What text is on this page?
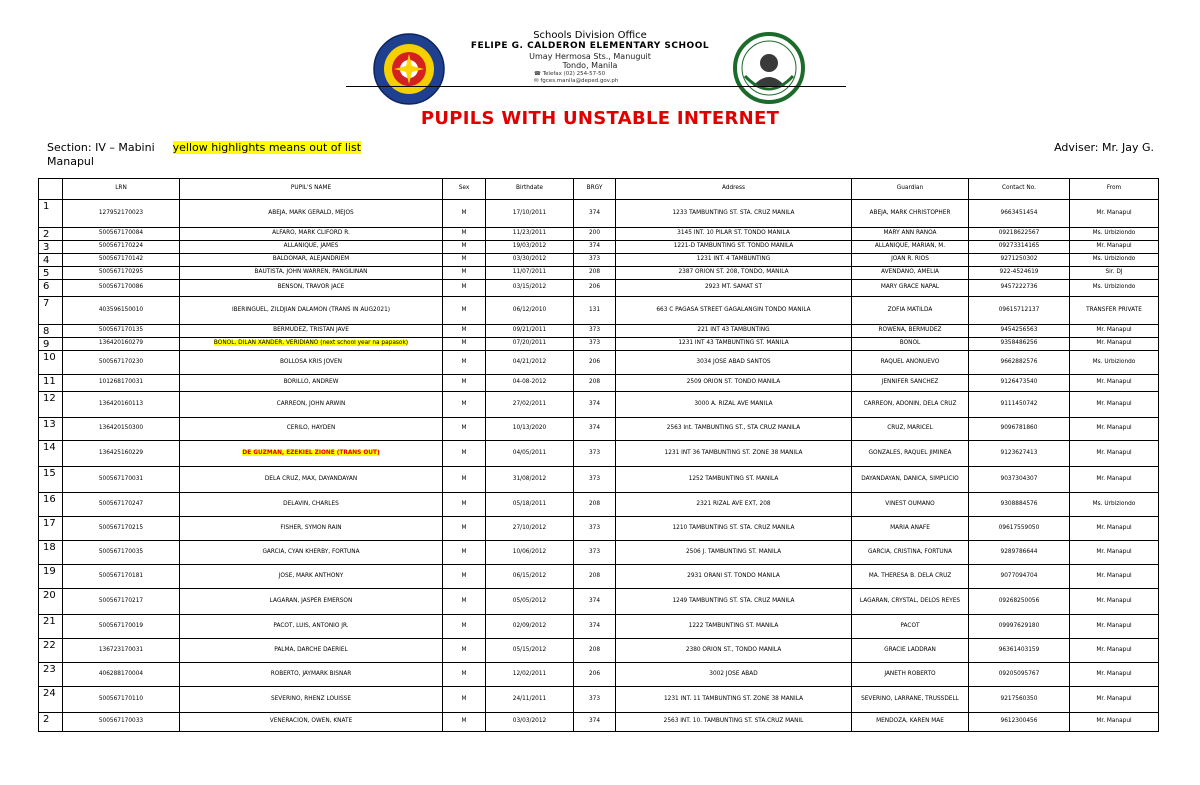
Schools Division Office
FELIPE G. CALDERON ELEMENTARY SCHOOL
Umay Hermosa Sts., Manuguit
Tondo, Manila
☎ Telefax (02) 254-57-50
✉ fgces.manila@deped.gov.ph
PUPILS WITH UNSTABLE INTERNET
Section: IV – Mabini yellow highlights means out of list
Manapul
Adviser: Mr. Jay G.
	LRN	PUPIL'S NAME	Sex	Birthdate	BRGY	Address	Guardian	Contact No.	From
1	127952170023	ABEJA, MARK GERALD, MEJOS	M	17/10/2011	374	1233 TAMBUNTING ST. STA. CRUZ MANILA	ABEJA, MARK CHRISTOPHER	9663451454	Mr. Manapul
2	500567170084	ALFARO, MARK CLIFORD R.	M	11/23/2011	200	3145 INT. 10 PILAR ST. TONDO MANILA	MARY ANN RANOA	09218622567	Ms. Urbiziondo
3	500567170224	ALLANIQUE, JAMES	M	19/03/2012	374	1221-D TAMBUNTING ST. TONDO MANILA	ALLANIQUE, MARIAN, M.	09273314165	Mr. Manapul
4	500567170142	BALDOMAR, ALEJANDRIEM	M	03/30/2012	373	1231 INT. 4 TAMBUNTING	JOAN R. RIOS	9271250302	Ms. Urbiziondo
5	500567170295	BAUTISTA, JOHN WARREN, PANGILINAN	M	11/07/2011	208	2387 ORION ST. 208, TONDO, MANILA	AVENDANO, AMELIA	922-4524619	Sir. DJ
6	500567170086	BENSON, TRAVOR JACE	M	03/15/2012	206	2923 MT. SAMAT ST	MARY GRACE NAPAL	9457222736	Ms. Urbiziondo
7	403596150010	IBERINGUEL, ZILDJIAN DALAMON (TRANS IN AUG2021)	M	06/12/2010	131	663 C PAGASA STREET GAGALANGIN TONDO MANILA	ZOFIA MATILDA	09615712137	TRANSFER PRIVATE
8	500567170135	BERMUDEZ, TRISTAN JAVE	M	09/21/2011	373	221 INT 43 TAMBUNTING	ROWENA, BERMUDEZ	9454256563	Mr. Manapul
9	136420160279	BONOL, DILAN XANDER, VERIDIANO (next school year na papasok)	M	07/20/2011	373	1231 INT 43 TAMBUNTING ST. MANILA	BONOL	9358486256	Mr. Manapul
10	500567170230	BOLLOSA KRIS JOVEN	M	04/21/2012	206	3034 JOSE ABAD SANTOS	RAQUEL ANONUEVO	9662882576	Ms. Urbiziondo
11	101268170031	BORILLO, ANDREW	M	04-08-2012	208	2509 ORION ST. TONDO MANILA	JENNIFER SANCHEZ	9126473540	Mr. Manapul
12	136420160113	CARREON, JOHN ARWIN	M	27/02/2011	374	3000 A. RIZAL AVE MANILA	CARREON, ADONIN, DELA CRUZ	9111450742	Mr. Manapul
13	136420150300	CERILO, HAYDEN	M	10/13/2020	374	2563 Int. TAMBUNTING ST., STA CRUZ MANILA	CRUZ, MARICEL	9096781860	Mr. Manapul
14	136425160229	DE GUZMAN, EZEKIEL ZIONE (TRANS OUT)	M	04/05/2011	373	1231 INT 36 TAMBUNTING ST. ZONE 38 MANILA	GONZALES, RAQUEL JIMINEA	9123627413	Mr. Manapul
15	500567170031	DELA CRUZ, MAX, DAYANDAYAN	M	31/08/2012	373	1252 TAMBUNTING ST. MANILA	DAYANDAYAN, DANICA, SIMPLICIO	9037304307	Mr. Manapul
16	500567170247	DELAVIN, CHARLES	M	05/18/2011	208	2321 RIZAL AVE EXT, 208	VINEST OUMANO	9308884576	Ms. Urbiziondo
17	500567170215	FISHER, SYMON RAIN	M	27/10/2012	373	1210 TAMBUNTING ST. STA. CRUZ MANILA	MARIA ANAFE	09617559050	Mr. Manapul
18	500567170035	GARCIA, CYAN KHERBY, FORTUNA	M	10/06/2012	373	2506 J. TAMBUNTING ST. MANILA	GARCIA, CRISTINA, FORTUNA	9289786644	Mr. Manapul
19	500567170181	JOSE, MARK ANTHONY	M	06/15/2012	208	2931 ORANI ST. TONDO MANILA	MA. THERESA B. DELA CRUZ	9077094704	Mr. Manapul
20	500567170217	LAGARAN, JASPER EMERSON	M	05/05/2012	374	1249 TAMBUNTING ST. STA. CRUZ MANILA	LAGARAN, CRYSTAL, DELOS REYES	09268250056	Mr. Manapul
21	500567170019	PACOT, LUIS, ANTONIO JR.	M	02/09/2012	374	1222 TAMBUNTING ST. MANILA	PACOT	09997629180	Mr. Manapul
22	136723170031	PALMA, DARCHE DAERIEL	M	05/15/2012	208	2380 ORION ST., TONDO MANILA	GRACIE LADDRAN	96361403159	Mr. Manapul
23	406288170004	ROBERTO, JAYMARK BISNAR	M	12/02/2011	206	3002 JOSE ABAD	JANETH ROBERTO	09205095767	Mr. Manapul
24	500567170110	SEVERINO, RHENZ LOUISSE	M	24/11/2011	373	1231 INT. 11 TAMBUNTING ST. ZONE 38 MANILA	SEVERINO, LARRANE, TRUSSDELL	9217560350	Mr. Manapul
2	500567170033	VENERACION, OWEN, KNATE	M	03/03/2012	374	2563 INT. 10. TAMBUNTING ST. STA.CRUZ MANIL	MENDOZA, KAREN MAE	9612300456	Mr. Manapul
